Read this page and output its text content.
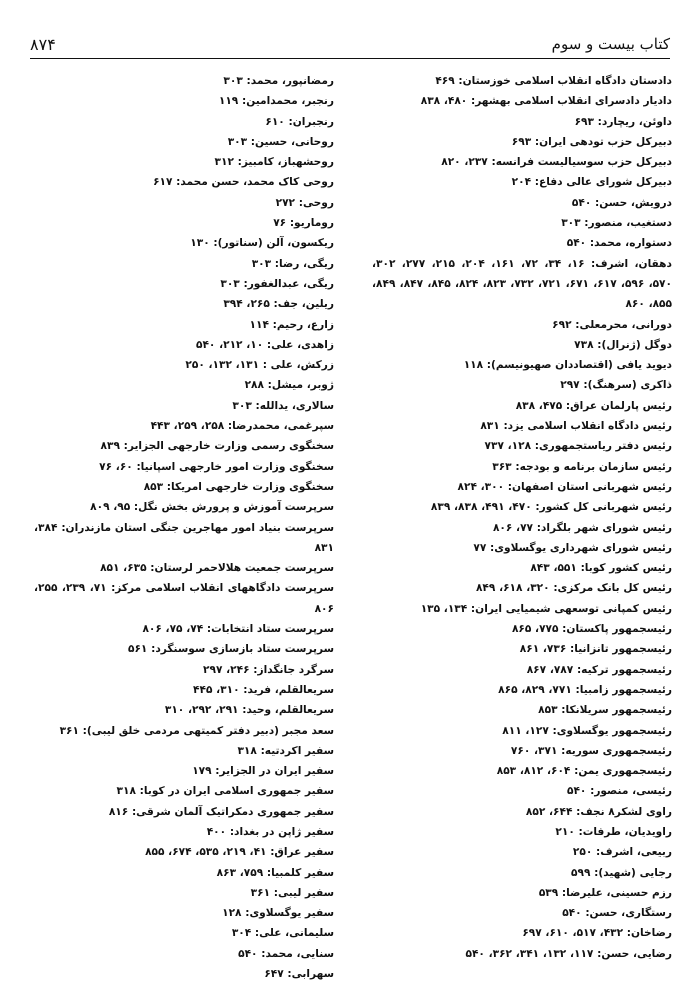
۸۷۴	کتاب بیست و سوم

دادستان دادگاه انقلاب اسلامی خوزستان: ۴۶۹

دادیار دادسرای انقلاب اسلامی بهشهر: ۴۸۰، ۸۳۸

داوئن، ریچارد: ۶۹۳

دبیرکل حزب تودهی ایران: ۶۹۳

دبیرکل حزب سوسیالیست فرانسه: ۲۳۷، ۸۲۰

دبیرکل شورای عالی دفاع: ۲۰۴

درویش، حسن: ۵۴۰

دستغیب، منصور: ۳۰۳

دستواره، محمد: ۵۴۰

دهقان، اشرف: ۱۶، ۳۴، ۷۲، ۱۶۱، ۲۰۴، ۲۱۵، ۲۷۷، ۳۰۲، ۵۷۰، ۵۹۶، ۶۱۷، ۶۷۱، ۷۲۱، ۷۳۲، ۸۲۳، ۸۲۴، ۸۴۵، ۸۴۷، ۸۴۹، ۸۵۵، ۸۶۰

دورانی، محرمعلی: ۶۹۲

دوگل (ژنرال): ۷۳۸

دیوید یافی (اقتصاددان صهیونیسم): ۱۱۸

ذاکری (سرهنگ): ۲۹۷

رئیس پارلمان عراق: ۴۷۵، ۸۳۸

رئیس دادگاه انقلاب اسلامی یزد: ۸۳۱

رئیس دفتر ریاستجمهوری: ۱۲۸، ۷۳۷

رئیس سازمان برنامه و بودجه: ۳۶۳

رئیس شهربانی استان اصفهان: ۳۰۰، ۸۲۴

رئیس شهربانی کل کشور: ۴۷۰، ۴۹۱، ۸۳۸، ۸۳۹

رئیس شورای شهر بلگراد: ۷۷، ۸۰۶

رئیس شورای شهرداری یوگسلاوی: ۷۷

رئیس کشور کوبا: ۵۵۱، ۸۴۳

رئیس کل بانک مرکزی: ۳۲۰، ۶۱۸، ۸۴۹

رئیس کمپانی توسعهی شیمیایی ایران: ۱۳۴، ۱۳۵

رئیسجمهور پاکستان: ۷۷۵، ۸۶۵

رئیسجمهور تانزانیا: ۷۳۶، ۸۶۱

رئیسجمهور ترکیه: ۷۸۷، ۸۶۷

رئیسجمهور زامبیا: ۷۷۱، ۸۲۹، ۸۶۵

رئیسجمهور سریلانکا: ۸۵۳

رئیسجمهور یوگسلاوی: ۱۲۷، ۸۱۱

رئیسجمهوری سوریه: ۳۷۱، ۷۶۰

رئیسجمهوری یمن: ۶۰۴، ۸۱۲، ۸۵۳

رئیسی، منصور: ۵۴۰

راوی لشکر۸ نجف: ۶۴۴، ۸۵۲

راویدیان، طرفات: ۲۱۰

ربیعی، اشرف: ۲۵۰

رجایی (شهید): ۵۹۹

رزم حسینی، علیرضا: ۵۳۹

رستگاری، حسن: ۵۴۰

رضاخان: ۴۳۲، ۵۱۷، ۶۱۰، ۶۹۷

رضایی، حسن: ۱۱۷، ۱۳۲، ۳۴۱، ۳۶۲، ۵۴۰

رمضانپور، محمد: ۳۰۳

رنجبر، محمدامین: ۱۱۹

رنجبران: ۶۱۰

روحانی، حسین: ۳۰۳

روحشهباز، کامبیز: ۳۱۲

روحی کاک محمد، حسن محمد: ۶۱۷

روحی: ۲۷۲

روماریو: ۷۶

ریکسون، آلن (سناتور): ۱۳۰

ریگی، رضا: ۳۰۳

ریگی، عبدالغفور: ۳۰۳

ریلین، جف: ۲۶۵، ۳۹۴

زارع، رحیم: ۱۱۴

زاهدی، علی: ۱۰، ۲۱۲، ۵۴۰

زرکش، علی : ۱۳۱، ۱۳۲، ۲۵۰

ژوبر، میشل: ۲۸۸

سالاری، یدالله: ۳۰۳

سپرغمی، محمدرضا: ۲۵۸، ۲۵۹، ۴۴۳

سخنگوی رسمی وزارت خارجهی الجزایر: ۸۳۹

سخنگوی وزارت امور خارجهی اسپانیا: ۶۰، ۷۶

سخنگوی وزارت خارجهی امریکا: ۸۵۳

سرپرست آموزش و پرورش بخش نگل: ۹۵، ۸۰۹

سرپرست بنیاد امور مهاجرین جنگی استان مازندران: ۳۸۴، ۸۳۱

سرپرست جمعیت هلالاحمر لرستان: ۶۳۵، ۸۵۱

سرپرست دادگاههای انقلاب اسلامی مرکز: ۷۱، ۲۳۹، ۲۵۵، ۸۰۶

سرپرست ستاد انتخابات: ۷۴، ۷۵، ۸۰۶

سرپرست ستاد بازسازی سوسنگرد: ۵۶۱

سرگرد جانگداز: ۲۴۶، ۲۹۷

سریعالقلم، فرید: ۳۱۰، ۴۴۵

سریعالقلم، وحید: ۲۹۱، ۲۹۲، ۳۱۰

سعد مجبر (دبیر دفتر کمیتهی مردمی خلق لیبی): ۳۶۱

سفیر اکردتیه: ۳۱۸

سفیر ایران در الجزایر: ۱۷۹

سفیر جمهوری اسلامی ایران در کوبا: ۳۱۸

سفیر جمهوری دمکراتیک آلمان شرقی: ۸۱۶

سفیر ژاپن در بغداد: ۴۰۰

سفیر عراق: ۴۱، ۲۱۹، ۵۳۵، ۶۷۴، ۸۵۵

سفیر کلمبیا: ۷۵۹، ۸۶۳

سفیر لیبی: ۳۶۱

سفیر یوگسلاوی: ۱۲۸

سلیمانی، علی: ۳۰۴

سنایی، محمد: ۵۴۰

سهرابی: ۶۴۷
